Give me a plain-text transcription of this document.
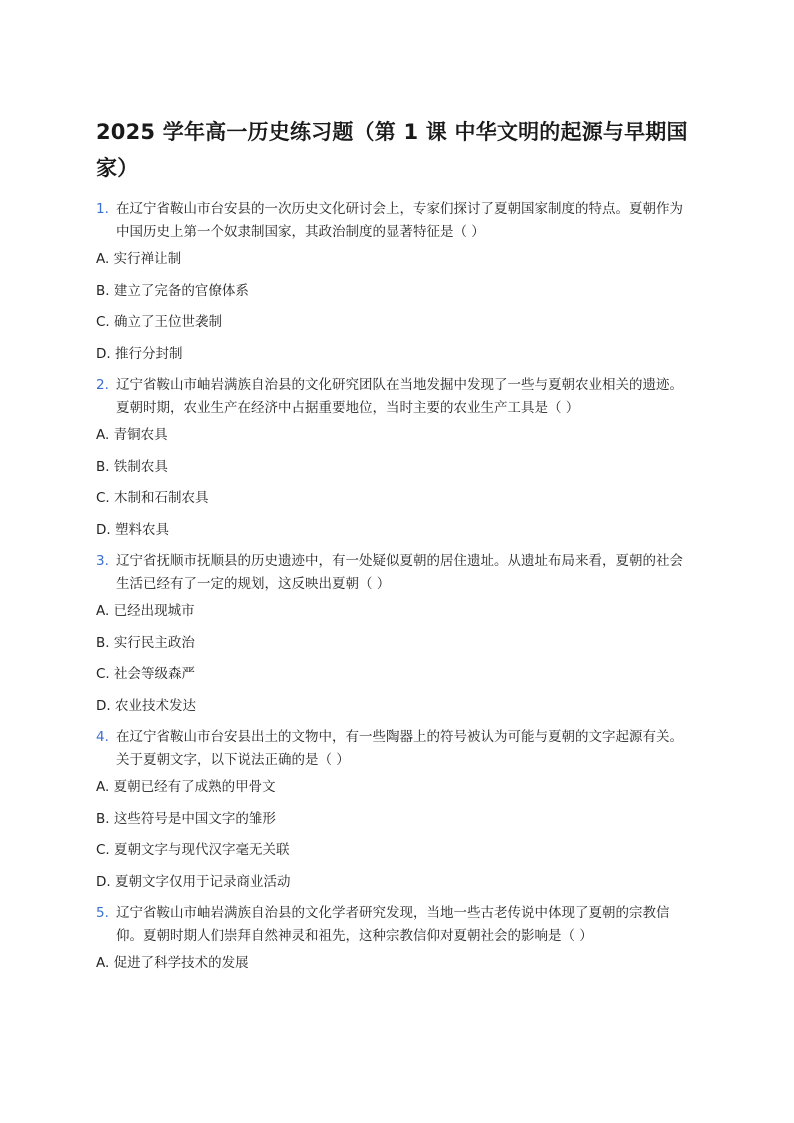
2025 学年高一历史练习题（第 1 课 中华文明的起源与早期国家）
1. 在辽宁省鞍山市台安县的一次历史文化研讨会上，专家们探讨了夏朝国家制度的特点。夏朝作为中国历史上第一个奴隶制国家，其政治制度的显著特征是（ ）
A. 实行禅让制
B. 建立了完备的官僚体系
C. 确立了王位世袭制
D. 推行分封制
2. 辽宁省鞍山市岫岩满族自治县的文化研究团队在当地发掘中发现了一些与夏朝农业相关的遗迹。夏朝时期，农业生产在经济中占据重要地位，当时主要的农业生产工具是（ ）
A. 青铜农具
B. 铁制农具
C. 木制和石制农具
D. 塑料农具
3. 辽宁省抚顺市抚顺县的历史遗迹中，有一处疑似夏朝的居住遗址。从遗址布局来看，夏朝的社会生活已经有了一定的规划，这反映出夏朝（ ）
A. 已经出现城市
B. 实行民主政治
C. 社会等级森严
D. 农业技术发达
4. 在辽宁省鞍山市台安县出土的文物中，有一些陶器上的符号被认为可能与夏朝的文字起源有关。关于夏朝文字，以下说法正确的是（ ）
A. 夏朝已经有了成熟的甲骨文
B. 这些符号是中国文字的雏形
C. 夏朝文字与现代汉字毫无关联
D. 夏朝文字仅用于记录商业活动
5. 辽宁省鞍山市岫岩满族自治县的文化学者研究发现，当地一些古老传说中体现了夏朝的宗教信仰。夏朝时期人们崇拜自然神灵和祖先，这种宗教信仰对夏朝社会的影响是（ ）
A. 促进了科学技术的发展
